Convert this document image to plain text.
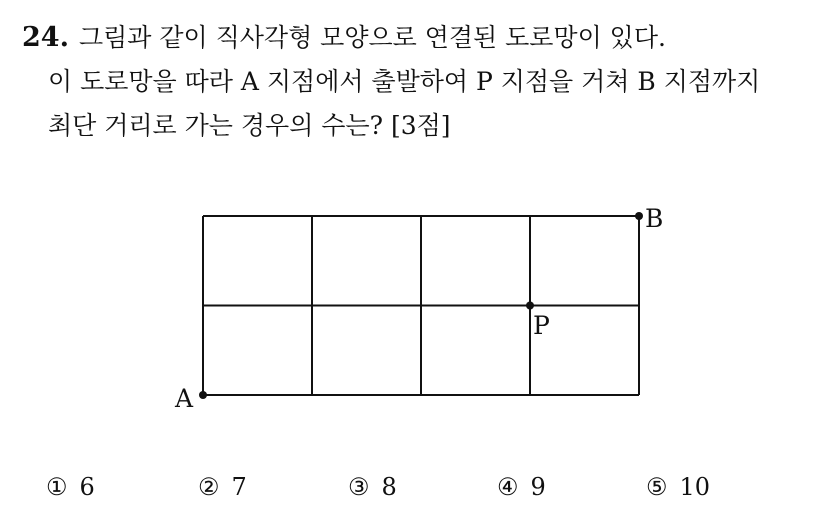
24. 그림과 같이 직사각형 모양으로 연결된 도로망이 있다.
이 도로망을 따라 A 지점에서 출발하여 P 지점을 거쳐 B 지점까지
최단 거리로 가는 경우의 수는? [3점]
A
P
B
① 6	② 7	③ 8	④ 9	⑤ 10
